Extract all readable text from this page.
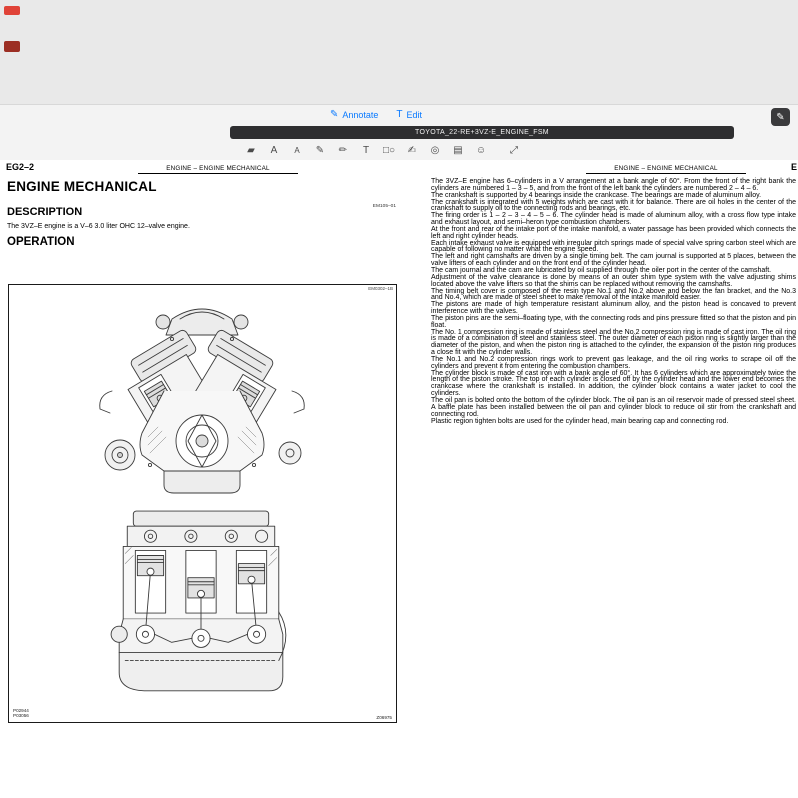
✎ Annotate T Edit	✎
TOYOTA_22-RE+3VZ-E_ENGINE_FSM
▰	A	A	✎ ✏	T	□○ ✍ ◎ ▤ ☺	⤢
EG2–2	ENGINE – ENGINE MECHANICAL
ENGINE MECHANICAL
DESCRIPTION	EM105–01
The 3VZ–E engine is a V–6 3.0 liter OHC 12–valve engine.
OPERATION
EM0302–1B
P02944
P03056	Z06975
ENGINE – ENGINE MECHANICAL	E

The 3VZ–E engine has 6–cylinders in a V arrangement at a bank angle of 60°. From the front of the right bank the cylinders are numbered 1 – 3 – 5, and from the front of the left bank the cylinders are numbered 2 – 4 – 6.

The crankshaft is supported by 4 bearings inside the crankcase. The bearings are made of aluminum alloy.

The crankshaft is integrated with 5 weights which are cast with it for balance. There are oil holes in the center of the crankshaft to supply oil to the connecting rods and bearings, etc.

The firing order is 1 – 2 – 3 – 4 – 5 – 6. The cylinder head is made of aluminum alloy, with a cross flow type intake and exhaust layout, and semi–heron type combustion chambers.

At the front and rear of the intake port of the intake manifold, a water passage has been provided which connects the left and right cylinder heads.

Each intake exhaust valve is equipped with irregular pitch springs made of special valve spring carbon steel which are capable of following no matter what the engine speed.

The left and right camshafts are driven by a single timing belt. The cam journal is supported at 5 places, between the valve lifters of each cylinder and on the front end of the cylinder head.

The cam journal and the cam are lubricated by oil supplied through the oiler port in the center of the camshaft.

Adjustment of the valve clearance is done by means of an outer shim type system with the valve adjusting shims located above the valve lifters so that the shims can be replaced without removing the camshafts.

The timing belt cover is composed of the resin type No.1 and No.2 above and below the fan bracket, and the No.3 and No.4, which are made of steel sheet to make removal of the intake manifold easier.

The pistons are made of high temperature resistant aluminum alloy, and the piston head is concaved to prevent interference with the valves.

The piston pins are the semi–floating type, with the connecting rods and pins pressure fitted so that the piston and pin float.

The No. 1 compression ring is made of stainless steel and the No.2 compression ring is made of cast iron. The oil ring is made of a combination of steel and stainless steel. The outer diameter of each piston ring is slightly larger than the diameter of the piston, and when the piston ring is attached to the cylinder, the expansion of the piston ring produces a close fit with the cylinder walls.

The No.1 and No.2 compression rings work to prevent gas leakage, and the oil ring works to scrape oil off the cylinders and prevent it from entering the combustion chambers.

The cylinder block is made of cast iron with a bank angle of 60°. It has 6 cylinders which are approximately twice the length of the piston stroke. The top of each cylinder is closed off by the cylinder head and the lower end becomes the crankcase where the crankshaft is installed. In addition, the cylinder block contains a water jacket to cool the cylinders.

The oil pan is bolted onto the bottom of the cylinder block. The oil pan is an oil reservoir made of pressed steel sheet. A baffle plate has been installed between the oil pan and cylinder block to reduce oil stir from the crankshaft and connecting rod.

Plastic region tighten bolts are used for the cylinder head, main bearing cap and connecting rod.
